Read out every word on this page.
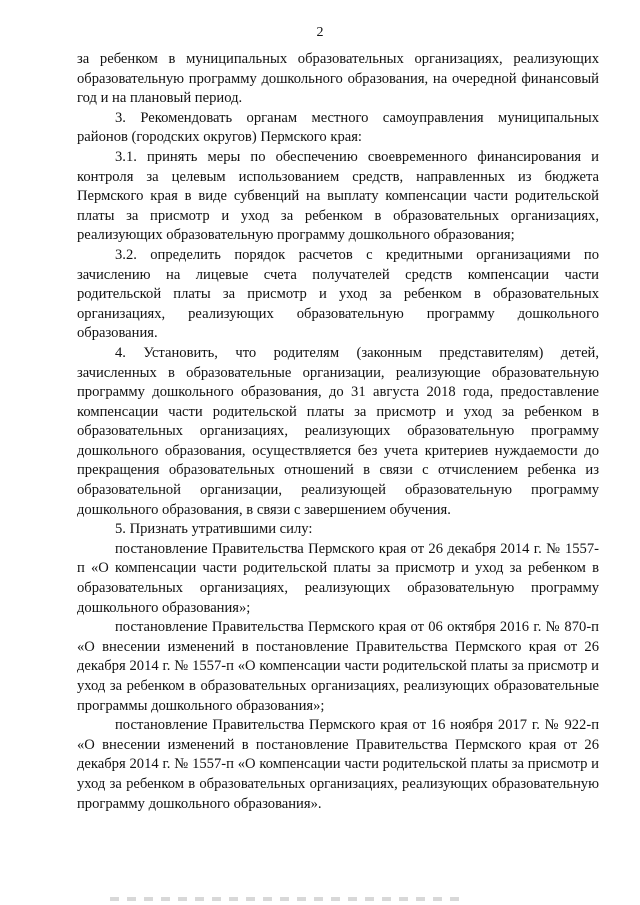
2

за ребенком в муниципальных образовательных организациях, реализующих образовательную программу дошкольного образования, на очередной финансовый год и на плановый период.

3. Рекомендовать органам местного самоуправления муниципальных районов (городских округов) Пермского края:

3.1. принять меры по обеспечению своевременного финансирования и контроля за целевым использованием средств, направленных из бюджета Пермского края в виде субвенций на выплату компенсации части родительской платы за присмотр и уход за ребенком в образовательных организациях, реализующих образовательную программу дошкольного образования;

3.2. определить порядок расчетов с кредитными организациями по зачислению на лицевые счета получателей средств компенсации части родительской платы за присмотр и уход за ребенком в образовательных организациях, реализующих образовательную программу дошкольного образования.

4. Установить, что родителям (законным представителям) детей, зачисленных в образовательные организации, реализующие образовательную программу дошкольного образования, до 31 августа 2018 года, предоставление компенсации части родительской платы за присмотр и уход за ребенком в образовательных организациях, реализующих образовательную программу дошкольного образования, осуществляется без учета критериев нуждаемости до прекращения образовательных отношений в связи с отчислением ребенка из образовательной организации, реализующей образовательную программу дошкольного образования, в связи с завершением обучения.

5. Признать утратившими силу:

постановление Правительства Пермского края от 26 декабря 2014 г. № 1557-п «О компенсации части родительской платы за присмотр и уход за ребенком в образовательных организациях, реализующих образовательную программу дошкольного образования»;

постановление Правительства Пермского края от 06 октября 2016 г. № 870-п «О внесении изменений в постановление Правительства Пермского края от 26 декабря 2014 г. № 1557-п «О компенсации части родительской платы за присмотр и уход за ребенком в образовательных организациях, реализующих образовательные программы дошкольного образования»;

постановление Правительства Пермского края от 16 ноября 2017 г. № 922-п «О внесении изменений в постановление Правительства Пермского края от 26 декабря 2014 г. № 1557-п «О компенсации части родительской платы за присмотр и уход за ребенком в образовательных организациях, реализующих образовательную программу дошкольного образования».
